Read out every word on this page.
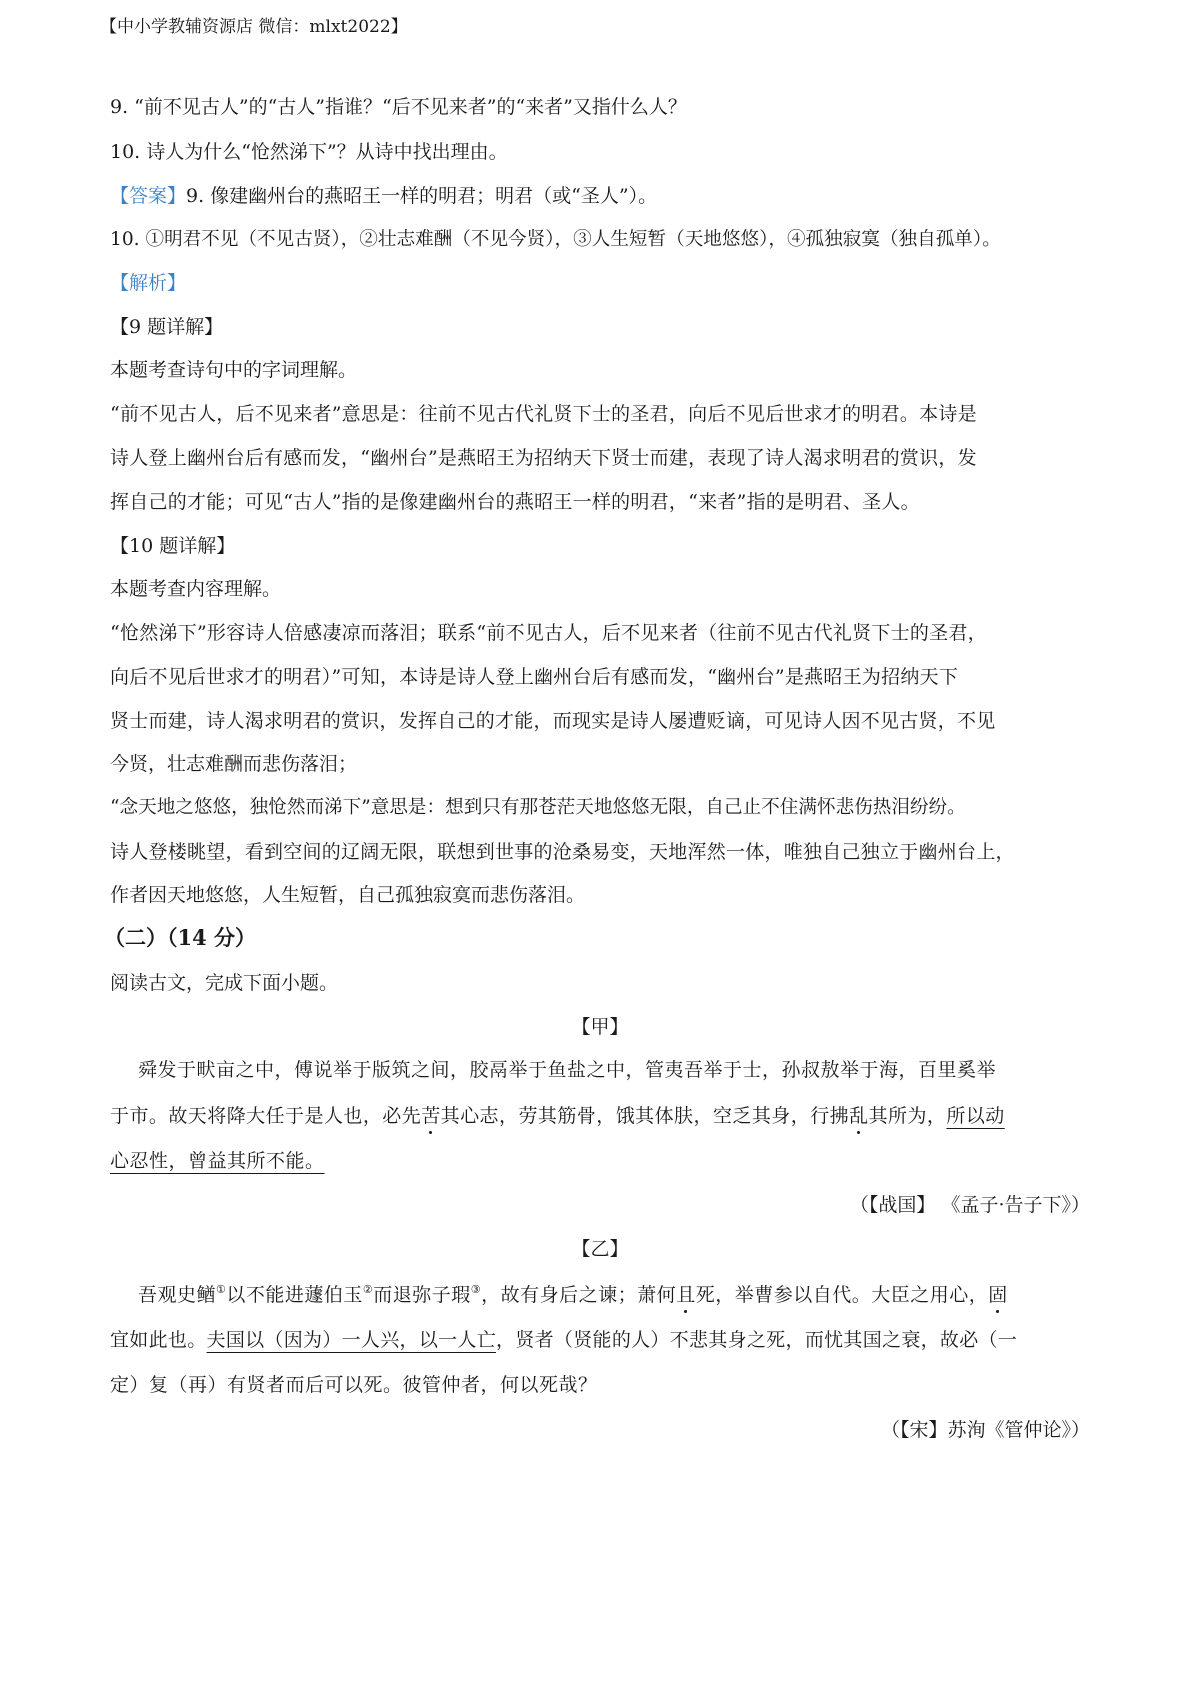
【中小学教辅资源店 微信：mlxt2022】
9. “前不见古人”的“古人”指谁？“后不见来者”的“来者”又指什么人？
10. 诗人为什么“怆然涕下”？从诗中找出理由。
【答案】9. 像建幽州台的燕昭王一样的明君；明君（或“圣人”）。
10. ①明君不见（不见古贤），②壮志难酬（不见今贤），③人生短暂（天地悠悠），④孤独寂寞（独自孤单）。
【解析】
【9 题详解】
本题考查诗句中的字词理解。
“前不见古人，后不见来者”意思是：往前不见古代礼贤下士的圣君，向后不见后世求才的明君。本诗是
诗人登上幽州台后有感而发，“幽州台”是燕昭王为招纳天下贤士而建，表现了诗人渴求明君的赏识，发
挥自己的才能；可见“古人”指的是像建幽州台的燕昭王一样的明君，“来者”指的是明君、圣人。
【10 题详解】
本题考查内容理解。
“怆然涕下”形容诗人倍感凄凉而落泪；联系“前不见古人，后不见来者（往前不见古代礼贤下士的圣君，
向后不见后世求才的明君）”可知，本诗是诗人登上幽州台后有感而发，“幽州台”是燕昭王为招纳天下
贤士而建，诗人渴求明君的赏识，发挥自己的才能，而现实是诗人屡遭贬谪，可见诗人因不见古贤，不见
今贤，壮志难酬而悲伤落泪；
“念天地之悠悠，独怆然而涕下”意思是：想到只有那苍茫天地悠悠无限，自己止不住满怀悲伤热泪纷纷。
诗人登楼眺望，看到空间的辽阔无限，联想到世事的沧桑易变，天地浑然一体，唯独自己独立于幽州台上，
作者因天地悠悠，人生短暂，自己孤独寂寞而悲伤落泪。
（二）（14 分）
阅读古文，完成下面小题。
【甲】
舜发于畎亩之中，傅说举于版筑之间，胶鬲举于鱼盐之中，管夷吾举于士，孙叔敖举于海，百里奚举
于市。故天将降大任于是人也，必先苦其心志，劳其筋骨，饿其体肤，空乏其身，行拂乱其所为，所以动
心忍性，曾益其所不能。
（【战国】 《孟子·告子下》）
【乙】
吾观史䲡①以不能进蘧伯玉②而退弥子瑕③，故有身后之谏；萧何且死，举曹参以自代。大臣之用心，固
宜如此也。夫国以（因为）一人兴，以一人亡，贤者（贤能的人）不悲其身之死，而忧其国之衰，故必（一
定）复（再）有贤者而后可以死。彼管仲者，何以死哉？
（【宋】苏洵《管仲论》）
